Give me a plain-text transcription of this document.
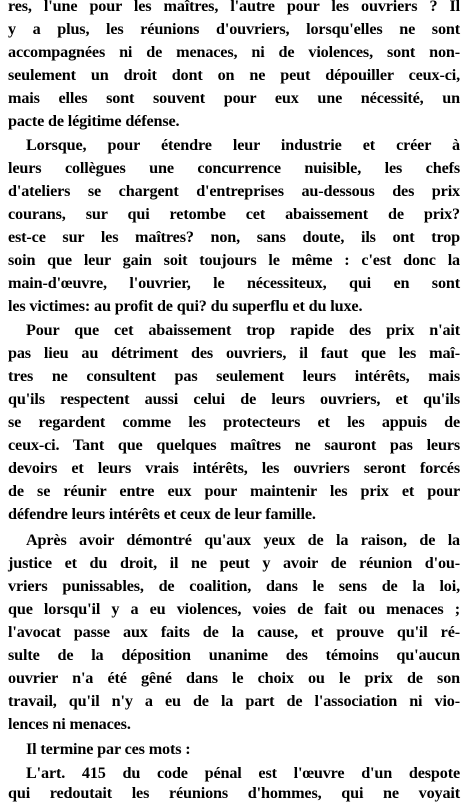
res, l'une pour les maîtres, l'autre pour les ouvriers ? Il
y a plus, les réunions d'ouvriers, lorsqu'elles ne sont
accompagnées ni de menaces, ni de violences, sont non-
seulement un droit dont on ne peut dépouiller ceux-ci,
mais elles sont souvent pour eux une nécessité, un
pacte de légitime défense.
Lorsque, pour étendre leur industrie et créer à
leurs collègues une concurrence nuisible, les chefs
d'ateliers se chargent d'entreprises au-dessous des prix
courans, sur qui retombe cet abaissement de prix?
est-ce sur les maîtres? non, sans doute, ils ont trop
soin que leur gain soit toujours le même : c'est donc la
main-d'œuvre, l'ouvrier, le nécessiteux, qui en sont
les victimes: au profit de qui? du superflu et du luxe.
Pour que cet abaissement trop rapide des prix n'ait
pas lieu au détriment des ouvriers, il faut que les maî-
tres ne consultent pas seulement leurs intérêts, mais
qu'ils respectent aussi celui de leurs ouvriers, et qu'ils
se regardent comme les protecteurs et les appuis de
ceux-ci. Tant que quelques maîtres ne sauront pas leurs
devoirs et leurs vrais intérêts, les ouvriers seront forcés
de se réunir entre eux pour maintenir les prix et pour
défendre leurs intérêts et ceux de leur famille.
Après avoir démontré qu'aux yeux de la raison, de la
justice et du droit, il ne peut y avoir de réunion d'ou-
vriers punissables, de coalition, dans le sens de la loi,
que lorsqu'il y a eu violences, voies de fait ou menaces ;
l'avocat passe aux faits de la cause, et prouve qu'il ré-
sulte de la déposition unanime des témoins qu'aucun
ouvrier n'a été gêné dans le choix ou le prix de son
travail, qu'il n'y a eu de la part de l'association ni vio-
lences ni menaces.
Il termine par ces mots :
L'art. 415 du code pénal est l'œuvre d'un despote
qui redoutait les réunions d'hommes, qui ne voyait
